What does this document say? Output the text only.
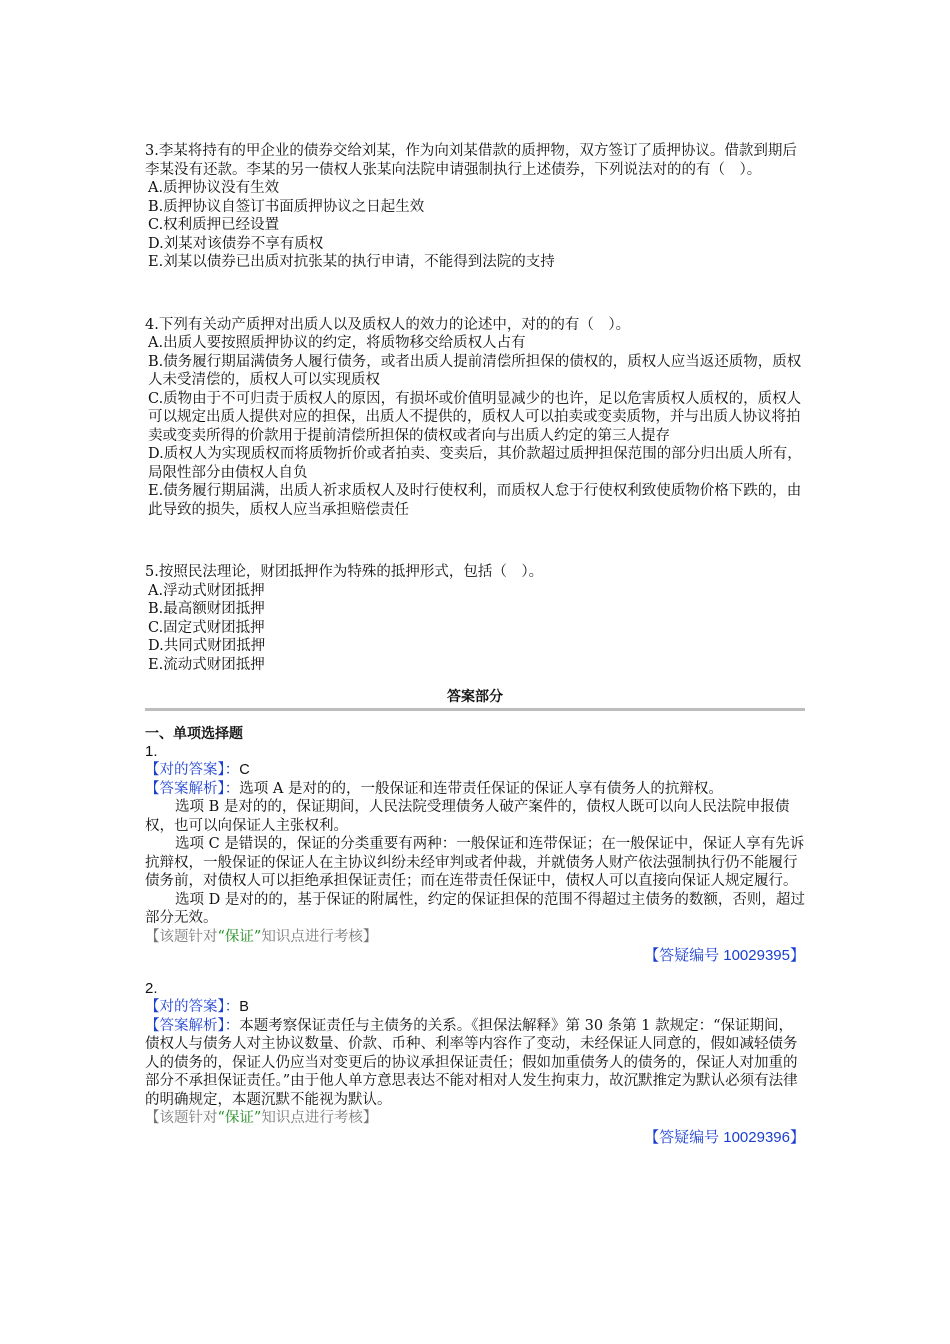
3.李某将持有的甲企业的债券交给刘某，作为向刘某借款的质押物，双方签订了质押协议。借款到期后李某没有还款。李某的另一债权人张某向法院申请强制执行上述债券，下列说法对的的有（　）。

A.质押协议没有生效

B.质押协议自签订书面质押协议之日起生效

C.权利质押已经设置

D.刘某对该债券不享有质权

E.刘某以债券已出质对抗张某的执行申请，不能得到法院的支持

4.下列有关动产质押对出质人以及质权人的效力的论述中，对的的有（　）。

A.出质人要按照质押协议的约定，将质物移交给质权人占有

B.债务履行期届满债务人履行债务，或者出质人提前清偿所担保的债权的，质权人应当返还质物，质权人未受清偿的，质权人可以实现质权

C.质物由于不可归责于质权人的原因，有损坏或价值明显减少的也许，足以危害质权人质权的，质权人可以规定出质人提供对应的担保，出质人不提供的，质权人可以拍卖或变卖质物，并与出质人协议将拍卖或变卖所得的价款用于提前清偿所担保的债权或者向与出质人约定的第三人提存

D.质权人为实现质权而将质物折价或者拍卖、变卖后，其价款超过质押担保范围的部分归出质人所有，局限性部分由债权人自负

E.债务履行期届满，出质人祈求质权人及时行使权利，而质权人怠于行使权利致使质物价格下跌的，由此导致的损失，质权人应当承担赔偿责任

5.按照民法理论，财团抵押作为特殊的抵押形式，包括（　）。

A.浮动式财团抵押

B.最高额财团抵押

C.固定式财团抵押

D.共同式财团抵押

E.流动式财团抵押

答案部分
一、单项选择题
1.
【对的答案】：C
【答案解析】：选项 A 是对的的，一般保证和连带责任保证的保证人享有债务人的抗辩权。
选项 B 是对的的，保证期间，人民法院受理债务人破产案件的，债权人既可以向人民法院申报债权，也可以向保证人主张权利。
选项 C 是错误的，保证的分类重要有两种：一般保证和连带保证；在一般保证中，保证人享有先诉抗辩权，一般保证的保证人在主协议纠纷未经审判或者仲裁，并就债务人财产依法强制执行仍不能履行债务前，对债权人可以拒绝承担保证责任；而在连带责任保证中，债权人可以直接向保证人规定履行。
选项 D 是对的的，基于保证的附属性，约定的保证担保的范围不得超过主债务的数额，否则，超过部分无效。
【该题针对“保证”知识点进行考核】
【答疑编号 10029395】
2.
【对的答案】：B
【答案解析】：本题考察保证责任与主债务的关系。《担保法解释》第 30 条第 1 款规定：“保证期间，债权人与债务人对主协议数量、价款、币种、利率等内容作了变动，未经保证人同意的，假如减轻债务人的债务的，保证人仍应当对变更后的协议承担保证责任；假如加重债务人的债务的，保证人对加重的部分不承担保证责任。”由于他人单方意思表达不能对相对人发生拘束力，故沉默推定为默认必须有法律的明确规定，本题沉默不能视为默认。
【该题针对“保证”知识点进行考核】
【答疑编号 10029396】
